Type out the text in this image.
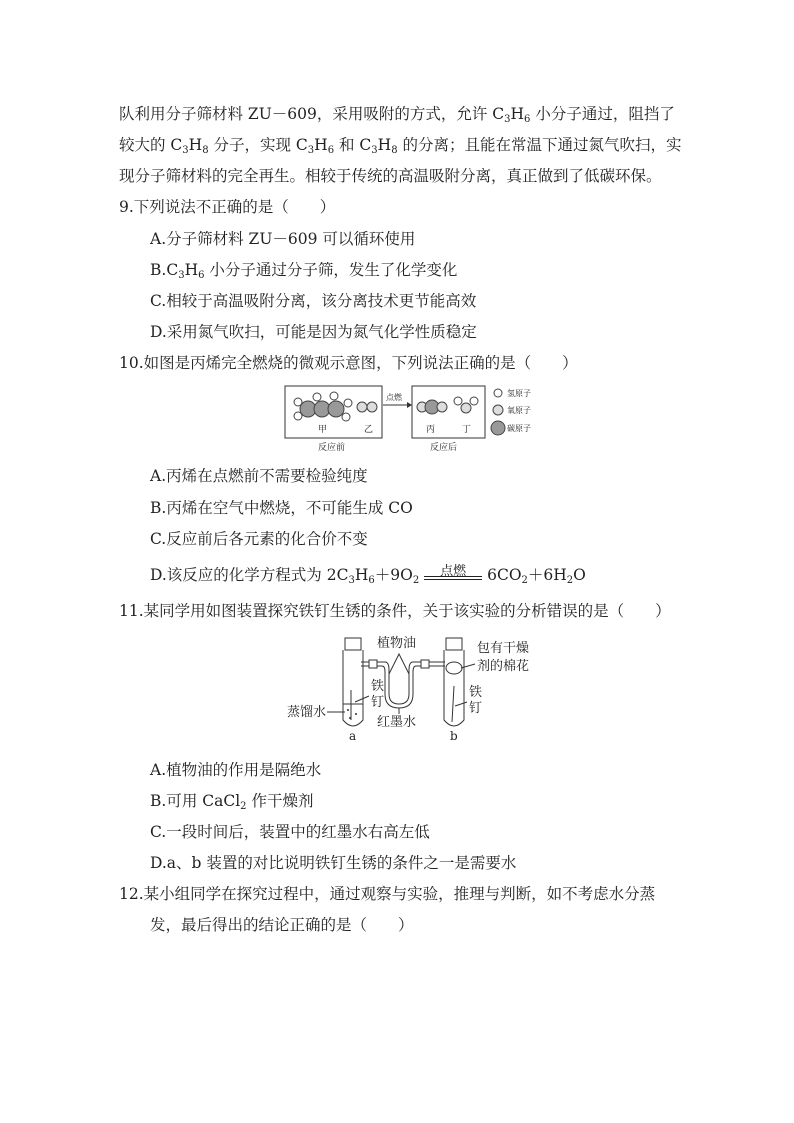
队利用分子筛材料 ZU－609，采用吸附的方式，允许 $C_3H_6$ 小分子通过，阻挡了
较大的 $C_3H_8$ 分子，实现 $C_3H_6$ 和 $C_3H_8$ 的分离；且能在常温下通过氮气吹扫，实
现分子筛材料的完全再生。相较于传统的高温吸附分离，真正做到了低碳环保。
9.下列说法不正确的是（　　）
A.分子筛材料 ZU－609 可以循环使用
$B.C_3H_6$ 小分子通过分子筛，发生了化学变化
C.相较于高温吸附分离，该分离技术更节能高效
D.采用氮气吹扫，可能是因为氮气化学性质稳定
10.如图是丙烯完全燃烧的微观示意图，下列说法正确的是（　　）
甲	乙
反应前
点燃
丙	丁
反应后
氢原子
氧原子
碳原子
A.丙烯在点燃前不需要检验纯度
B.丙烯在空气中燃烧，不可能生成 CO
C.反应前后各元素的化合价不变
D.该反应的化学方程式为 $2C_3H_6+9O_2$
点燃	$6CO_2+6H_2O$
11.某同学用如图装置探究铁钉生锈的条件，关于该实验的分析错误的是（　　）
植物油	包有干燥
剂的棉花
铁
钉
蒸馏水
红墨水
铁
钉
a	b
A.植物油的作用是隔绝水
B.可用 CaCl$_2$ 作干燥剂
C.一段时间后，装置中的红墨水右高左低
D.a、b 装置的对比说明铁钉生锈的条件之一是需要水
12.某小组同学在探究过程中，通过观察与实验，推理与判断，如不考虑水分蒸
发，最后得出的结论正确的是（　　）
